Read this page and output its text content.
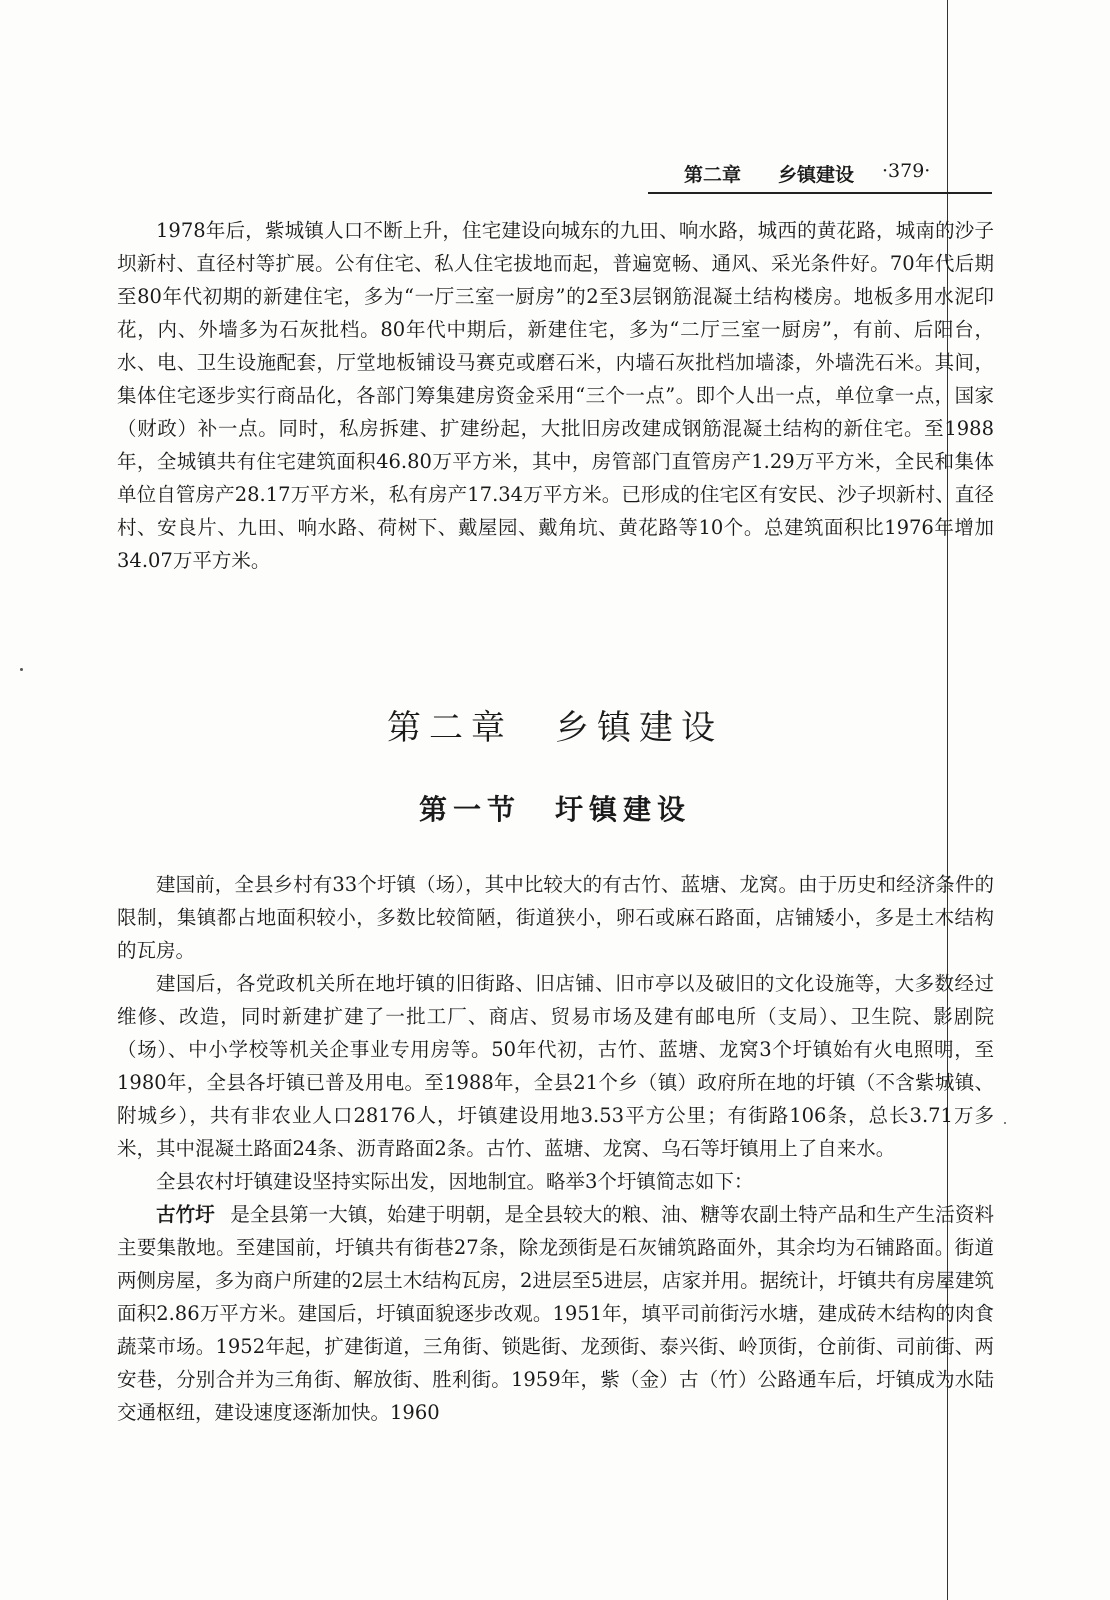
第二章 乡镇建设 ·379·

1978年后，紫城镇人口不断上升，住宅建设向城东的九田、响水路，城西的黄花路，城南的沙子坝新村、直径村等扩展。公有住宅、私人住宅拔地而起，普遍宽畅、通风、采光条件好。70年代后期至80年代初期的新建住宅，多为“一厅三室一厨房”的2至3层钢筋混凝土结构楼房。地板多用水泥印花，内、外墙多为石灰批档。80年代中期后，新建住宅，多为“二厅三室一厨房”，有前、后阳台，水、电、卫生设施配套，厅堂地板铺设马赛克或磨石米，内墙石灰批档加墙漆，外墙洗石米。其间，集体住宅逐步实行商品化，各部门筹集建房资金采用“三个一点”。即个人出一点，单位拿一点，国家（财政）补一点。同时，私房拆建、扩建纷起，大批旧房改建成钢筋混凝土结构的新住宅。至1988年，全城镇共有住宅建筑面积46.80万平方米，其中，房管部门直管房产1.29万平方米，全民和集体单位自管房产28.17万平方米，私有房产17.34万平方米。已形成的住宅区有安民、沙子坝新村、直径村、安良片、九田、响水路、荷树下、戴屋园、戴角坑、黄花路等10个。总建筑面积比1976年增加34.07万平方米。

第二章　乡镇建设
第一节　圩镇建设

建国前，全县乡村有33个圩镇（场），其中比较大的有古竹、蓝塘、龙窝。由于历史和经济条件的限制，集镇都占地面积较小，多数比较简陋，街道狭小，卵石或麻石路面，店铺矮小，多是土木结构的瓦房。

建国后，各党政机关所在地圩镇的旧街路、旧店铺、旧市亭以及破旧的文化设施等，大多数经过维修、改造，同时新建扩建了一批工厂、商店、贸易市场及建有邮电所（支局）、卫生院、影剧院（场）、中小学校等机关企事业专用房等。50年代初，古竹、蓝塘、龙窝3个圩镇始有火电照明，至1980年，全县各圩镇已普及用电。至1988年，全县21个乡（镇）政府所在地的圩镇（不含紫城镇、附城乡），共有非农业人口28176人，圩镇建设用地3.53平方公里；有街路106条，总长3.71万多米，其中混凝土路面24条、沥青路面2条。古竹、蓝塘、龙窝、乌石等圩镇用上了自来水。

全县农村圩镇建设坚持实际出发，因地制宜。略举3个圩镇简志如下：

古竹圩 是全县第一大镇，始建于明朝，是全县较大的粮、油、糖等农副土特产品和生产生活资料主要集散地。至建国前，圩镇共有街巷27条，除龙颈街是石灰铺筑路面外，其余均为石铺路面。街道两侧房屋，多为商户所建的2层土木结构瓦房，2进层至5进层，店家并用。据统计，圩镇共有房屋建筑面积2.86万平方米。建国后，圩镇面貌逐步改观。1951年，填平司前街污水塘，建成砖木结构的肉食蔬菜市场。1952年起，扩建街道，三角街、锁匙街、龙颈街、泰兴街、岭顶街，仓前街、司前街、两安巷，分别合并为三角街、解放街、胜利街。1959年，紫（金）古（竹）公路通车后，圩镇成为水陆交通枢纽，建设速度逐渐加快。1960
